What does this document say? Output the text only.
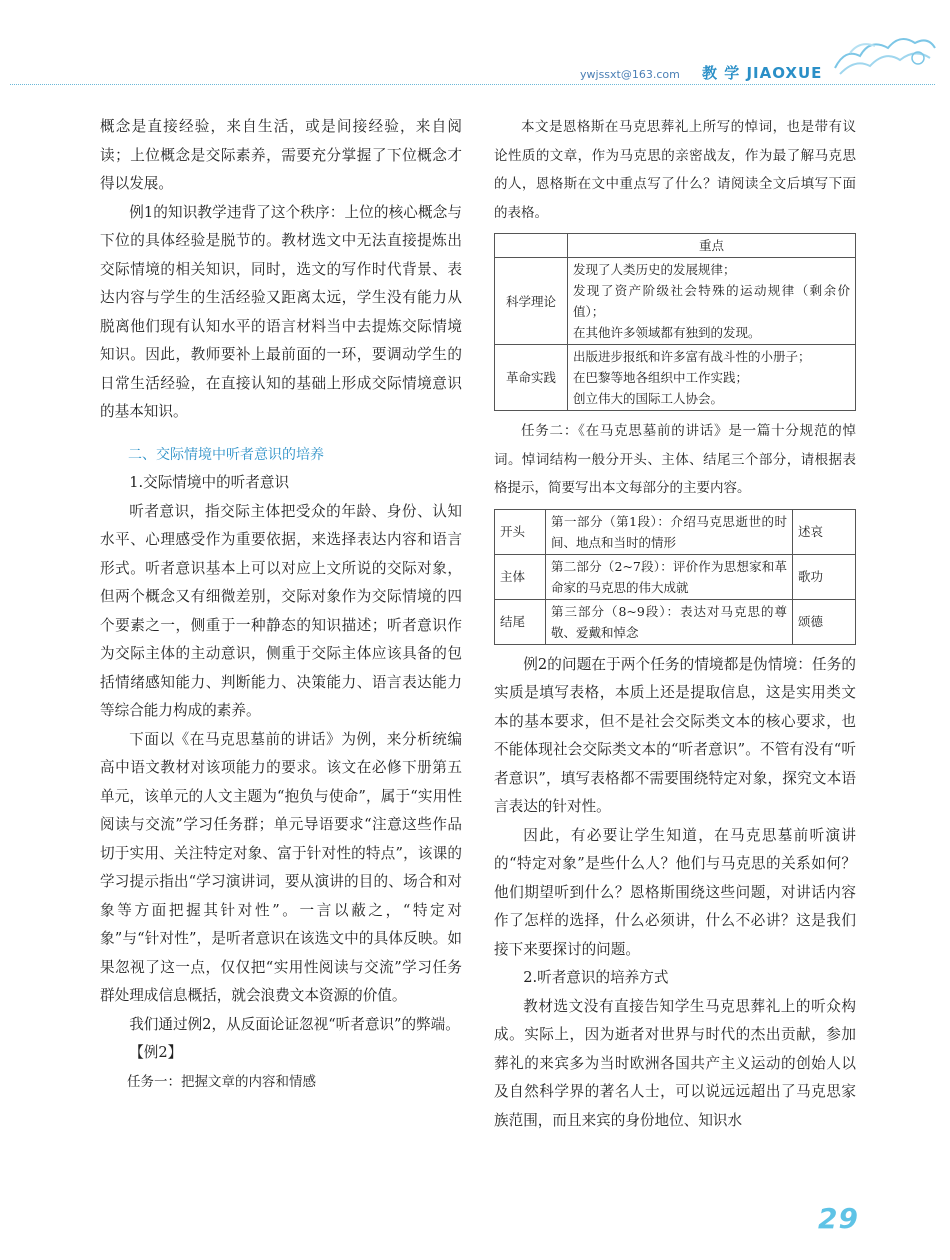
ywjssxt@163.com 教 学 JIAOXUE

概念是直接经验，来自生活，或是间接经验，来自阅读；上位概念是交际素养，需要充分掌握了下位概念才得以发展。

例1的知识教学违背了这个秩序：上位的核心概念与下位的具体经验是脱节的。教材选文中无法直接提炼出交际情境的相关知识，同时，选文的写作时代背景、表达内容与学生的生活经验又距离太远，学生没有能力从脱离他们现有认知水平的语言材料当中去提炼交际情境知识。因此，教师要补上最前面的一环，要调动学生的日常生活经验，在直接认知的基础上形成交际情境意识的基本知识。

二、交际情境中听者意识的培养

1.交际情境中的听者意识

听者意识，指交际主体把受众的年龄、身份、认知水平、心理感受作为重要依据，来选择表达内容和语言形式。听者意识基本上可以对应上文所说的交际对象，但两个概念又有细微差别，交际对象作为交际情境的四个要素之一，侧重于一种静态的知识描述；听者意识作为交际主体的主动意识，侧重于交际主体应该具备的包括情绪感知能力、判断能力、决策能力、语言表达能力等综合能力构成的素养。

下面以《在马克思墓前的讲话》为例，来分析统编高中语文教材对该项能力的要求。该文在必修下册第五单元，该单元的人文主题为“抱负与使命”，属于“实用性阅读与交流”学习任务群；单元导语要求“注意这些作品切于实用、关注特定对象、富于针对性的特点”，该课的学习提示指出“学习演讲词，要从演讲的目的、场合和对象等方面把握其针对性”。一言以蔽之，“特定对象”与“针对性”，是听者意识在该选文中的具体反映。如果忽视了这一点，仅仅把“实用性阅读与交流”学习任务群处理成信息概括，就会浪费文本资源的价值。

我们通过例2，从反面论证忽视“听者意识”的弊端。

【例2】

任务一：把握文章的内容和情感

本文是恩格斯在马克思葬礼上所写的悼词，也是带有议论性质的文章，作为马克思的亲密战友，作为最了解马克思的人，恩格斯在文中重点写了什么？请阅读全文后填写下面的表格。

	重点
科学理论	发现了人类历史的发展规律；
发现了资产阶级社会特殊的运动规律（剩余价值）；
在其他许多领域都有独到的发现。

革命实践	出版进步报纸和许多富有战斗性的小册子；
在巴黎等地各组织中工作实践；
创立伟大的国际工人协会。

任务二：《在马克思墓前的讲话》是一篇十分规范的悼词。悼词结构一般分开头、主体、结尾三个部分，请根据表格提示，简要写出本文每部分的主要内容。

开头	第一部分（第1段）：介绍马克思逝世的时间、地点和当时的情形	述哀
主体	第二部分（2~7段）：评价作为思想家和革命家的马克思的伟大成就	歌功
结尾	第三部分（8~9段）：表达对马克思的尊敬、爱戴和悼念	颂德

例2的问题在于两个任务的情境都是伪情境：任务的实质是填写表格，本质上还是提取信息，这是实用类文本的基本要求，但不是社会交际类文本的核心要求，也不能体现社会交际类文本的“听者意识”。不管有没有“听者意识”，填写表格都不需要围绕特定对象，探究文本语言表达的针对性。

因此，有必要让学生知道，在马克思墓前听演讲的“特定对象”是些什么人？他们与马克思的关系如何？他们期望听到什么？恩格斯围绕这些问题，对讲话内容作了怎样的选择，什么必须讲，什么不必讲？这是我们接下来要探讨的问题。

2.听者意识的培养方式

教材选文没有直接告知学生马克思葬礼上的听众构成。实际上，因为逝者对世界与时代的杰出贡献，参加葬礼的来宾多为当时欧洲各国共产主义运动的创始人以及自然科学界的著名人士，可以说远远超出了马克思家族范围，而且来宾的身份地位、知识水

29
